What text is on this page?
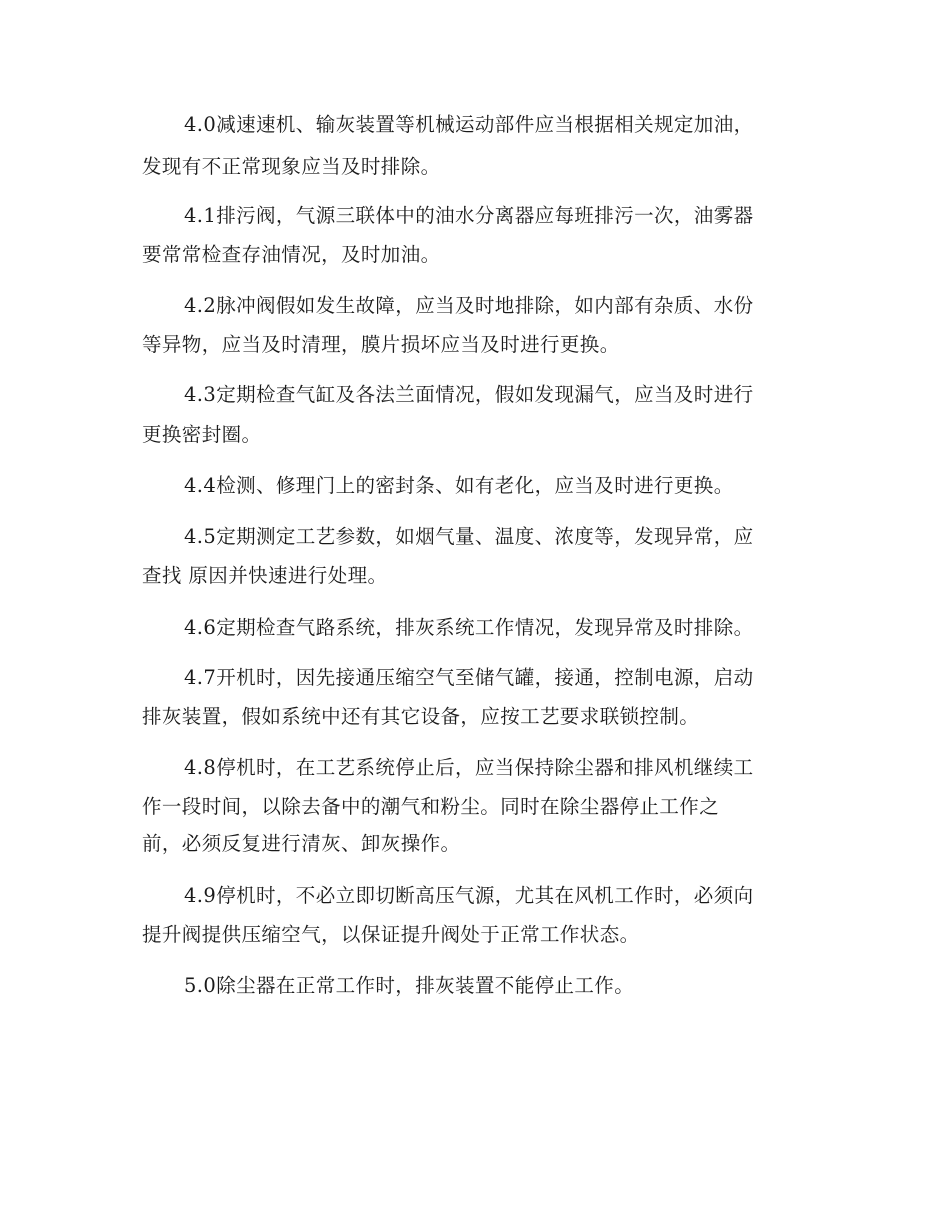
4.0减速速机、输灰装置等机械运动部件应当根据相关规定加油，
发现有不正常现象应当及时排除。
4.1排污阀，气源三联体中的油水分离器应每班排污一次，油雾器
要常常检查存油情况，及时加油。
4.2脉冲阀假如发生故障，应当及时地排除，如内部有杂质、水份
等异物，应当及时清理，膜片损坏应当及时进行更换。
4.3定期检查气缸及各法兰面情况，假如发现漏气，应当及时进行
更换密封圈。
4.4检测、修理门上的密封条、如有老化，应当及时进行更换。
4.5定期测定工艺参数，如烟气量、温度、浓度等，发现异常，应
查找 原因并快速进行处理。
4.6定期检查气路系统，排灰系统工作情况，发现异常及时排除。
4.7开机时，因先接通压缩空气至储气罐，接通，控制电源，启动
排灰装置，假如系统中还有其它设备，应按工艺要求联锁控制。
4.8停机时，在工艺系统停止后，应当保持除尘器和排风机继续工
作一段时间，以除去备中的潮气和粉尘。同时在除尘器停止工作之
前，必须反复进行清灰、卸灰操作。
4.9停机时，不必立即切断高压气源，尤其在风机工作时，必须向
提升阀提供压缩空气，以保证提升阀处于正常工作状态。
5.0除尘器在正常工作时，排灰装置不能停止工作。
